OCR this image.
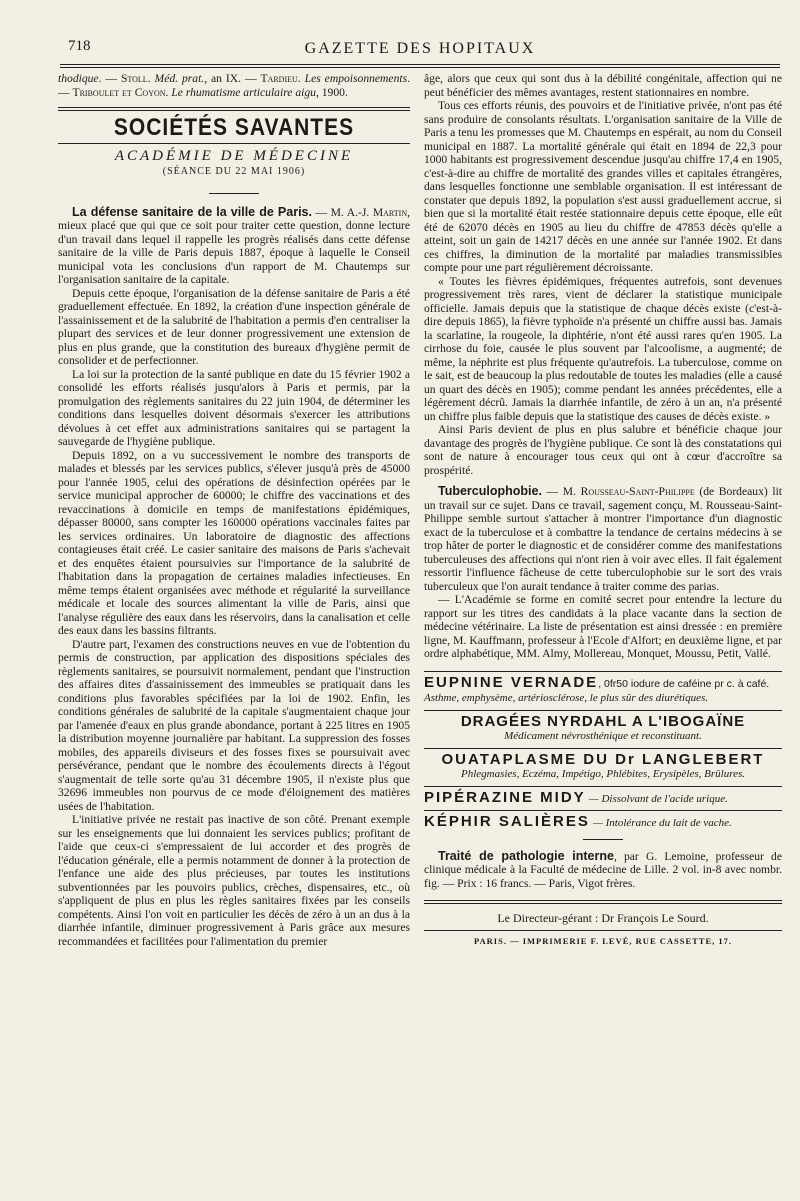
718	GAZETTE DES HOPITAUX

thodique. — Stoll. Méd. prat., an IX. — Tardieu. Les empoisonnements. — Triboulet et Coyon. Le rhumatisme articulaire aigu, 1900.

SOCIÉTÉS SAVANTES
ACADÉMIE DE MÉDECINE
(SÉANCE DU 22 MAI 1906)

La défense sanitaire de la ville de Paris. — M. A.-J. Martin, mieux placé que qui que ce soit pour traiter cette question, donne lecture d'un travail dans lequel il rappelle les progrès réalisés dans cette défense sanitaire de la ville de Paris depuis 1887, époque à laquelle le Conseil municipal vota les conclusions d'un rapport de M. Chautemps sur l'organisation sanitaire de la capitale.

Depuis cette époque, l'organisation de la défense sanitaire de Paris a été graduellement effectuée. En 1892, la création d'une inspection générale de l'assainissement et de la salubrité de l'habitation a permis d'en centraliser la plupart des services et de leur donner progressivement une extension de plus en plus grande, que la constitution des bureaux d'hygiène permit de consolider et de perfectionner.

La loi sur la protection de la santé publique en date du 15 février 1902 a consolidé les efforts réalisés jusqu'alors à Paris et permis, par la promulgation des règlements sanitaires du 22 juin 1904, de déterminer les conditions dans lesquelles doivent désormais s'exercer les attributions dévolues à cet effet aux administrations sanitaires qui se partagent la sauvegarde de l'hygiène publique.

Depuis 1892, on a vu successivement le nombre des transports de malades et blessés par les services publics, s'élever jusqu'à près de 45000 pour l'année 1905, celui des opérations de désinfection opérées par le service municipal approcher de 60000; le chiffre des vaccinations et des revaccinations à domicile en temps de manifestations épidémiques, dépasser 80000, sans compter les 160000 opérations vaccinales faites par les services ordinaires. Un laboratoire de diagnostic des affections contagieuses était créé. Le casier sanitaire des maisons de Paris s'achevait et des enquêtes étaient poursuivies sur l'importance de la salubrité de l'habitation dans la propagation de certaines maladies infectieuses. En même temps étaient organisées avec méthode et régularité la surveillance médicale et locale des sources alimentant la ville de Paris, ainsi que l'analyse régulière des eaux dans les réservoirs, dans la canalisation et celle des eaux dans les bassins filtrants.

D'autre part, l'examen des constructions neuves en vue de l'obtention du permis de construction, par application des dispositions spéciales des règlements sanitaires, se poursuivit normalement, pendant que l'instruction des affaires dites d'assainissement des immeubles se pratiquait dans les conditions plus favorables spécifiées par la loi de 1902. Enfin, les conditions générales de salubrité de la capitale s'augmentaient chaque jour par l'amenée d'eaux en plus grande abondance, portant à 225 litres en 1905 la distribution moyenne journalière par habitant. La suppression des fosses mobiles, des appareils diviseurs et des fosses fixes se poursuivait avec persévérance, pendant que le nombre des écoulements directs à l'égout s'augmentait de telle sorte qu'au 31 décembre 1905, il n'existe plus que 32696 immeubles non pourvus de ce mode d'éloignement des matières usées de l'habitation.

L'initiative privée ne restait pas inactive de son côté. Prenant exemple sur les enseignements que lui donnaient les services publics; profitant de l'aide que ceux-ci s'empressaient de lui accorder et des progrès de l'éducation générale, elle a permis notamment de donner à la protection de l'enfance une aide des plus précieuses, par toutes les institutions subventionnées par les pouvoirs publics, crèches, dispensaires, etc., où s'appliquent de plus en plus les règles sanitaires fixées par les conseils compétents. Ainsi l'on voit en particulier les décès de zéro à un an dus à la diarrhée infantile, diminuer progressivement à Paris grâce aux mesures recommandées et facilitées pour l'alimentation du premier

âge, alors que ceux qui sont dus à la débilité congénitale, affection qui ne peut bénéficier des mêmes avantages, restent stationnaires en nombre.

Tous ces efforts réunis, des pouvoirs et de l'initiative privée, n'ont pas été sans produire de consolants résultats. L'organisation sanitaire de la Ville de Paris a tenu les promesses que M. Chautemps en espérait, au nom du Conseil municipal en 1887. La mortalité générale qui était en 1894 de 22,3 pour 1000 habitants est progressivement descendue jusqu'au chiffre 17,4 en 1905, c'est-à-dire au chiffre de mortalité des grandes villes et capitales étrangères, dans lesquelles fonctionne une semblable organisation. Il est intéressant de constater que depuis 1892, la population s'est aussi graduellement accrue, si bien que si la mortalité était restée stationnaire depuis cette époque, elle eût été de 62070 décès en 1905 au lieu du chiffre de 47853 décès qu'elle a atteint, soit un gain de 14217 décès en une année sur l'année 1902. Et dans ces chiffres, la diminution de la mortalité par maladies transmissibles compte pour une part régulièrement décroissante.

« Toutes les fièvres épidémiques, fréquentes autrefois, sont devenues progressivement très rares, vient de déclarer la statistique municipale officielle. Jamais depuis que la statistique de chaque décès existe (c'est-à-dire depuis 1865), la fièvre typhoïde n'a présenté un chiffre aussi bas. Jamais la scarlatine, la rougeole, la diphtérie, n'ont été aussi rares qu'en 1905. La cirrhose du foie, causée le plus souvent par l'alcoolisme, a augmenté; de même, la néphrite est plus fréquente qu'autrefois. La tuberculose, comme on le sait, est de beaucoup la plus redoutable de toutes les maladies (elle a causé un quart des décès en 1905); comme pendant les années précédentes, elle a légèrement décrû. Jamais la diarrhée infantile, de zéro à un an, n'a présenté un chiffre plus faible depuis que la statistique des causes de décès existe. »

Ainsi Paris devient de plus en plus salubre et bénéficie chaque jour davantage des progrès de l'hygiène publique. Ce sont là des constatations qui sont de nature à encourager tous ceux qui ont à cœur d'accroître sa prospérité.

Tuberculophobie. — M. Rousseau-Saint-Philippe (de Bordeaux) lit un travail sur ce sujet. Dans ce travail, sagement conçu, M. Rousseau-Saint-Philippe semble surtout s'attacher à montrer l'importance d'un diagnostic exact de la tuberculose et à combattre la tendance de certains médecins à se trop hâter de porter le diagnostic et de considérer comme des manifestations tuberculeuses des affections qui n'ont rien à voir avec elles. Il fait également ressortir l'influence fâcheuse de cette tuberculophobie sur le sort des vrais tuberculeux que l'on aurait tendance à traiter comme des parias.

— L'Académie se forme en comité secret pour entendre la lecture du rapport sur les titres des candidats à la place vacante dans la section de médecine vétérinaire. La liste de présentation est ainsi dressée : en première ligne, M. Kauffmann, professeur à l'Ecole d'Alfort; en deuxième ligne, et par ordre alphabétique, MM. Almy, Mollereau, Monquet, Moussu, Petit, Vallé.

EUPNINE VERNADE, 0fr50 iodure de caféine pr c. à café.
Asthme, emphysème, artériosclérose, le plus sûr des diurétiques.
DRAGÉES NYRDAHL A L'IBOGAÏNE
Médicament névrosthénique et reconstituant.
OUATAPLASME DU Dr LANGLEBERT
Phlegmasies, Eczéma, Impétigo, Phlébites, Erysipèles, Brûlures.
PIPÉRAZINE MIDY — Dissolvant de l'acide urique.
KÉPHIR SALIÈRES — Intolérance du lait de vache.

Traité de pathologie interne, par G. Lemoine, professeur de clinique médicale à la Faculté de médecine de Lille. 2 vol. in-8 avec nombr. fig. — Prix : 16 francs. — Paris, Vigot frères.

Le Directeur-gérant : Dr François Le Sourd.
PARIS. — IMPRIMERIE F. LEVÉ, RUE CASSETTE, 17.
